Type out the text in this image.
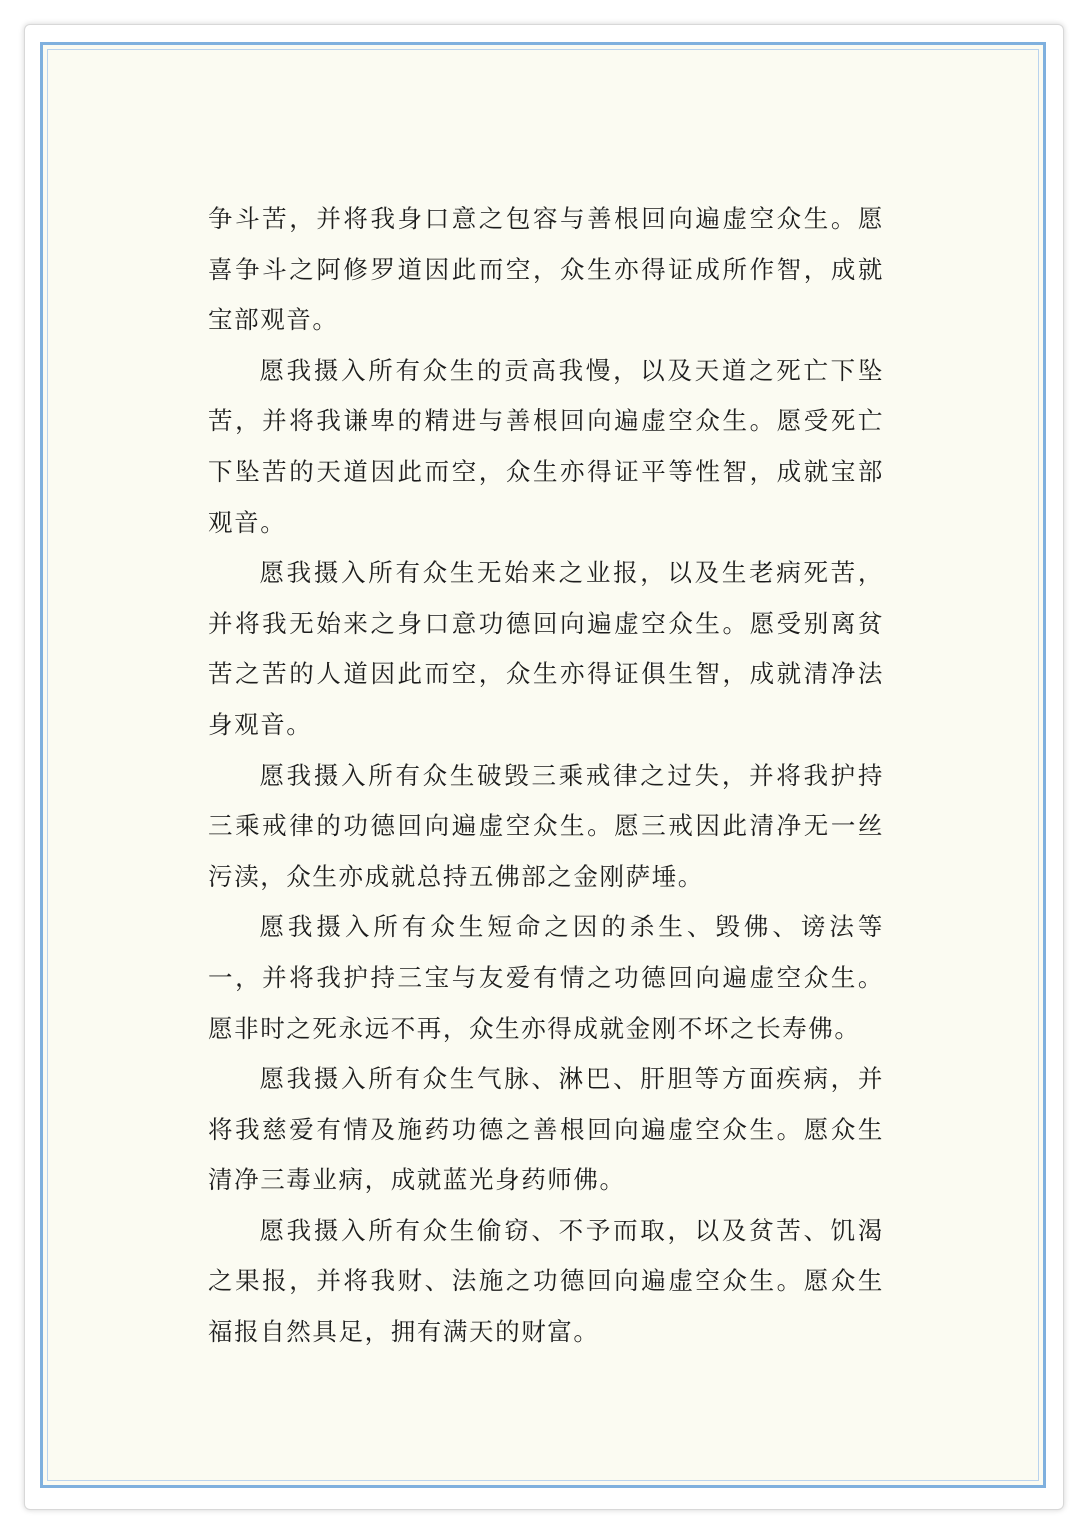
争斗苦，并将我身口意之包容与善根回向遍虚空众生。愿喜争斗之阿修罗道因此而空，众生亦得证成所作智，成就宝部观音。

愿我摄入所有众生的贡高我慢，以及天道之死亡下坠苦，并将我谦卑的精进与善根回向遍虚空众生。愿受死亡下坠苦的天道因此而空，众生亦得证平等性智，成就宝部观音。

愿我摄入所有众生无始来之业报，以及生老病死苦，并将我无始来之身口意功德回向遍虚空众生。愿受别离贫苦之苦的人道因此而空，众生亦得证俱生智，成就清净法身观音。

愿我摄入所有众生破毁三乘戒律之过失，并将我护持三乘戒律的功德回向遍虚空众生。愿三戒因此清净无一丝污渎，众生亦成就总持五佛部之金刚萨埵。

愿我摄入所有众生短命之因的杀生、毁佛、谤法等一，并将我护持三宝与友爱有情之功德回向遍虚空众生。愿非时之死永远不再，众生亦得成就金刚不坏之长寿佛。

愿我摄入所有众生气脉、淋巴、肝胆等方面疾病，并将我慈爱有情及施药功德之善根回向遍虚空众生。愿众生清净三毒业病，成就蓝光身药师佛。

愿我摄入所有众生偷窃、不予而取，以及贫苦、饥渴之果报，并将我财、法施之功德回向遍虚空众生。愿众生福报自然具足，拥有满天的财富。
